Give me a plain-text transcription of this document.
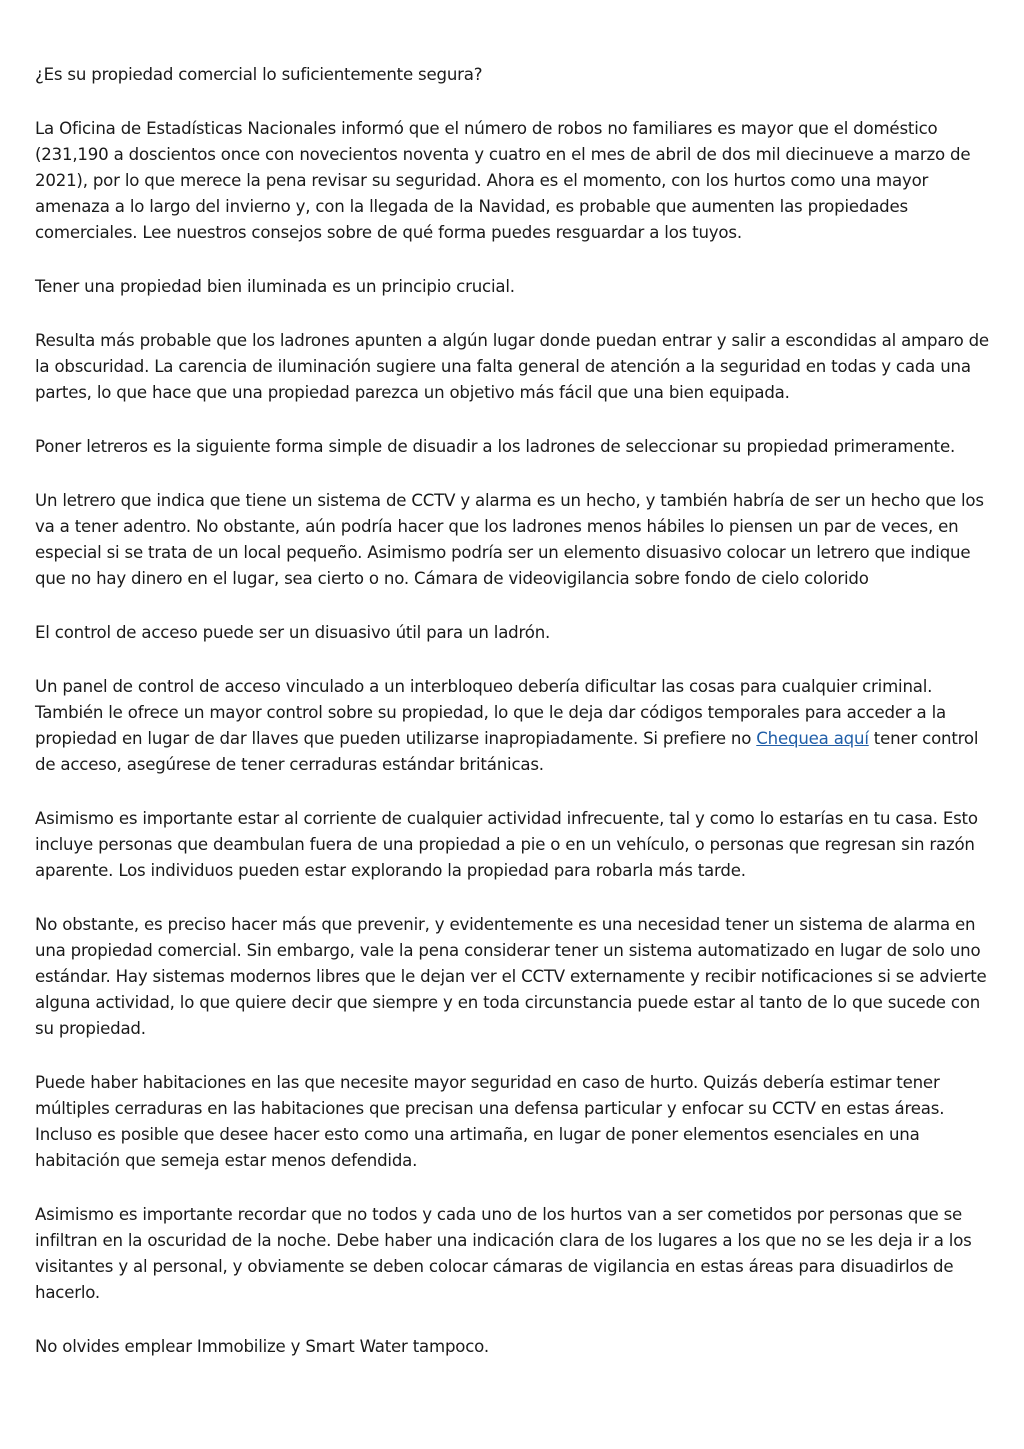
¿Es su propiedad comercial lo suficientemente segura?

La Oficina de Estadísticas Nacionales informó que el número de robos no familiares es mayor que el doméstico (231,190 a doscientos once con novecientos noventa y cuatro en el mes de abril de dos mil diecinueve a marzo de 2021), por lo que merece la pena revisar su seguridad. Ahora es el momento, con los hurtos como una mayor amenaza a lo largo del invierno y, con la llegada de la Navidad, es probable que aumenten las propiedades comerciales. Lee nuestros consejos sobre de qué forma puedes resguardar a los tuyos.

Tener una propiedad bien iluminada es un principio crucial.

Resulta más probable que los ladrones apunten a algún lugar donde puedan entrar y salir a escondidas al amparo de la obscuridad. La carencia de iluminación sugiere una falta general de atención a la seguridad en todas y cada una partes, lo que hace que una propiedad parezca un objetivo más fácil que una bien equipada.

Poner letreros es la siguiente forma simple de disuadir a los ladrones de seleccionar su propiedad primeramente.

Un letrero que indica que tiene un sistema de CCTV y alarma es un hecho, y también habría de ser un hecho que los va a tener adentro. No obstante, aún podría hacer que los ladrones menos hábiles lo piensen un par de veces, en especial si se trata de un local pequeño. Asimismo podría ser un elemento disuasivo colocar un letrero que indique que no hay dinero en el lugar, sea cierto o no. Cámara de videovigilancia sobre fondo de cielo colorido

El control de acceso puede ser un disuasivo útil para un ladrón.

Un panel de control de acceso vinculado a un interbloqueo debería dificultar las cosas para cualquier criminal. También le ofrece un mayor control sobre su propiedad, lo que le deja dar códigos temporales para acceder a la propiedad en lugar de dar llaves que pueden utilizarse inapropiadamente. Si prefiere no Chequea aquí tener control de acceso, asegúrese de tener cerraduras estándar británicas.

Asimismo es importante estar al corriente de cualquier actividad infrecuente, tal y como lo estarías en tu casa. Esto incluye personas que deambulan fuera de una propiedad a pie o en un vehículo, o personas que regresan sin razón aparente. Los individuos pueden estar explorando la propiedad para robarla más tarde.

No obstante, es preciso hacer más que prevenir, y evidentemente es una necesidad tener un sistema de alarma en una propiedad comercial. Sin embargo, vale la pena considerar tener un sistema automatizado en lugar de solo uno estándar. Hay sistemas modernos libres que le dejan ver el CCTV externamente y recibir notificaciones si se advierte alguna actividad, lo que quiere decir que siempre y en toda circunstancia puede estar al tanto de lo que sucede con su propiedad.

Puede haber habitaciones en las que necesite mayor seguridad en caso de hurto. Quizás debería estimar tener múltiples cerraduras en las habitaciones que precisan una defensa particular y enfocar su CCTV en estas áreas. Incluso es posible que desee hacer esto como una artimaña, en lugar de poner elementos esenciales en una habitación que semeja estar menos defendida.

Asimismo es importante recordar que no todos y cada uno de los hurtos van a ser cometidos por personas que se infiltran en la oscuridad de la noche. Debe haber una indicación clara de los lugares a los que no se les deja ir a los visitantes y al personal, y obviamente se deben colocar cámaras de vigilancia en estas áreas para disuadirlos de hacerlo.

No olvides emplear Immobilize y Smart Water tampoco.
